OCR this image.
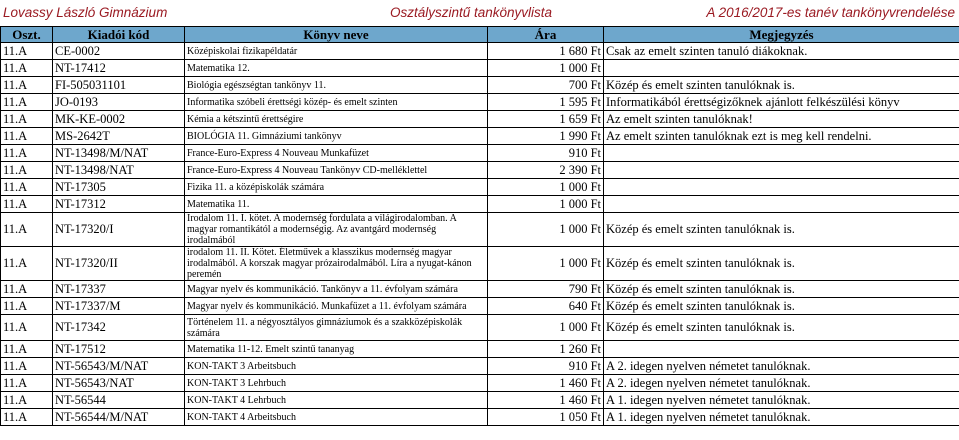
Lovassy László Gimnázium	Osztályszintű tankönyvlista	A 2016/2017-es tanév tankönyvrendelése
Oszt.	Kiadói kód	Könyv neve	Ára	Megjegyzés
11.A	CE-0002	Középiskolai fizikapéldatár	1 680 Ft	Csak az emelt szinten tanuló diákoknak.
11.A	NT-17412	Matematika 12.	1 000 Ft	
11.A	FI-505031101	Biológia egészségtan tankönyv 11.	700 Ft	Közép és emelt szinten tanulóknak is.
11.A	JO-0193	Informatika szóbeli érettségi közép- és emelt szinten	1 595 Ft	Informatikából érettségizőknek ajánlott felkészülési könyv
11.A	MK-KE-0002	Kémia a kétszintű érettségire	1 659 Ft	Az emelt szinten tanulóknak!
11.A	MS-2642T	BIOLÓGIA 11. Gimnáziumi tankönyv	1 990 Ft	Az emelt szinten tanulóknak ezt is meg kell rendelni.
11.A	NT-13498/M/NAT	France-Euro-Express 4 Nouveau Munkafüzet	910 Ft	
11.A	NT-13498/NAT	France-Euro-Express 4 Nouveau Tankönyv CD-melléklettel	2 390 Ft	
11.A	NT-17305	Fizika 11. a középiskolák számára	1 000 Ft	
11.A	NT-17312	Matematika 11.	1 000 Ft	
11.A	NT-17320/I	Irodalom 11. I. kötet. A modernség fordulata a világirodalomban. A magyar romantikától a modernségig. Az avantgárd modernség irodalmából	1 000 Ft	Közép és emelt szinten tanulóknak is.
11.A	NT-17320/II	irodalom 11. II. Kötet. Életművek a klasszikus modernség magyar irodalmából. A korszak magyar prózairodalmából. Líra a nyugat-kánon peremén	1 000 Ft	Közép és emelt szinten tanulóknak is.
11.A	NT-17337	Magyar nyelv és kommunikáció. Tankönyv a 11. évfolyam számára	790 Ft	Közép és emelt szinten tanulóknak is.
11.A	NT-17337/M	Magyar nyelv és kommunikáció. Munkafüzet a 11. évfolyam számára	640 Ft	Közép és emelt szinten tanulóknak is.
11.A	NT-17342	Történelem 11. a négyosztályos gimnáziumok és a szakközépiskolák számára	1 000 Ft	Közép és emelt szinten tanulóknak is.
11.A	NT-17512	Matematika 11-12. Emelt szintű tananyag	1 260 Ft	
11.A	NT-56543/M/NAT	KON-TAKT 3 Arbeitsbuch	910 Ft	A 2. idegen nyelven németet tanulóknak.
11.A	NT-56543/NAT	KON-TAKT 3 Lehrbuch	1 460 Ft	A 2. idegen nyelven németet tanulóknak.
11.A	NT-56544	KON-TAKT 4 Lehrbuch	1 460 Ft	A 1. idegen nyelven németet tanulóknak.
11.A	NT-56544/M/NAT	KON-TAKT 4 Arbeitsbuch	1 050 Ft	A 1. idegen nyelven németet tanulóknak.
